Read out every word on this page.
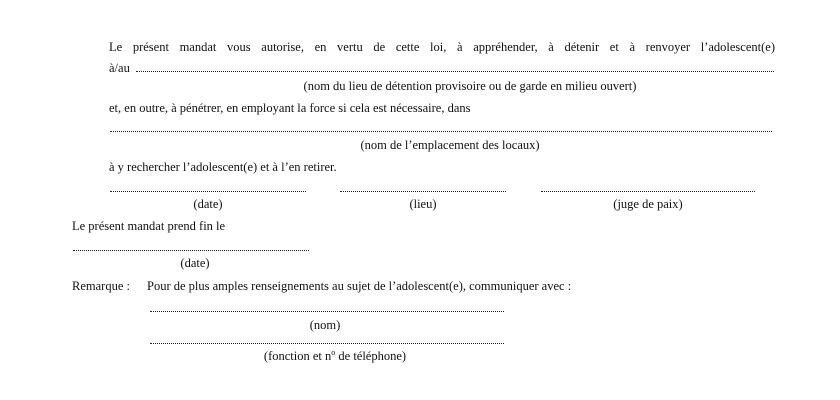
Le présent mandat vous autorise, en vertu de cette loi, à appréhender, à détenir et à renvoyer l’adolescent(e)
à/au
(nom du lieu de détention provisoire ou de garde en milieu ouvert)
et, en outre, à pénétrer, en employant la force si cela est nécessaire, dans
(nom de l’emplacement des locaux)
à y rechercher l’adolescent(e) et à l’en retirer.
(date)	(lieu)	(juge de paix)
Le présent mandat prend fin le
(date)
Remarque : Pour de plus amples renseignements au sujet de l’adolescent(e), communiquer avec :
(nom)
(fonction et $n^o$ de téléphone)
